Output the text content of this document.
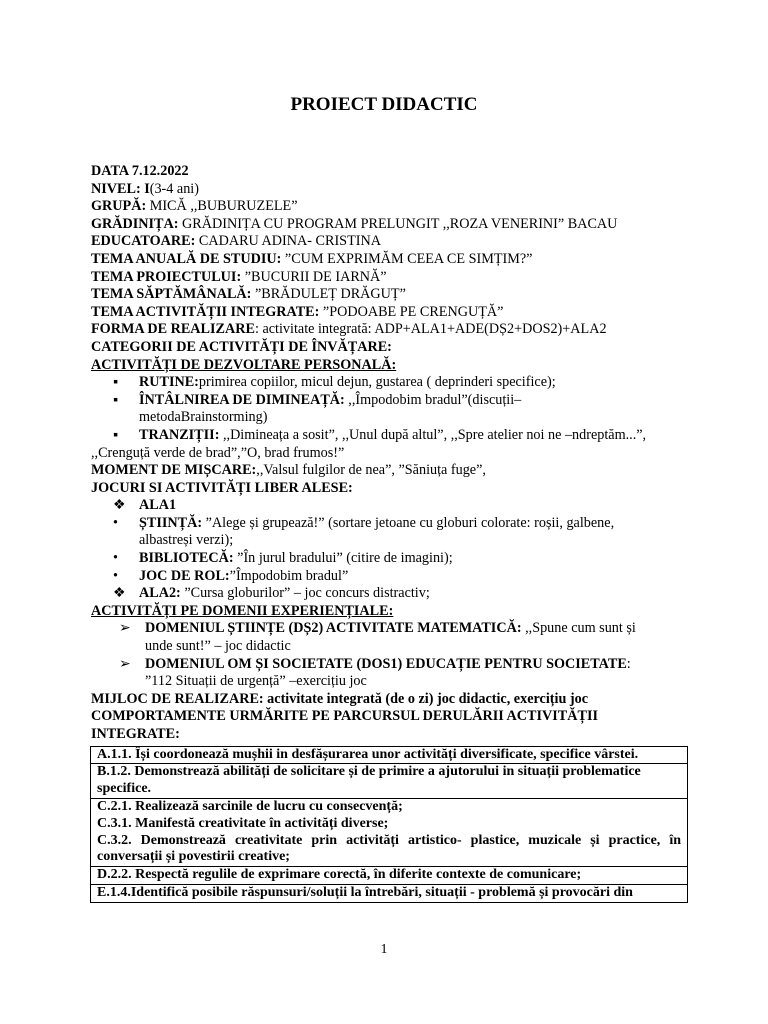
PROIECT DIDACTIC
DATA 7.12.2022
NIVEL: I(3-4 ani)
GRUPĂ: MICĂ ,,BUBURUZELE”
GRĂDINIȚA: GRĂDINIȚA CU PROGRAM PRELUNGIT ,,ROZA VENERINI” BACAU
EDUCATOARE: CADARU ADINA- CRISTINA
TEMA ANUALĂ DE STUDIU: ”CUM EXPRIMĂM CEEA CE SIMȚIM?”
TEMA PROIECTULUI: ”BUCURII DE IARNĂ”
TEMA SĂPTĂMÂNALĂ: ”BRĂDULEȚ DRĂGUȚ”
TEMA ACTIVITĂȚII INTEGRATE: ”PODOABE PE CRENGUȚĂ”
FORMA DE REALIZARE: activitate integrată: ADP+ALA1+ADE(DȘ2+DOS2)+ALA2
CATEGORII DE ACTIVITĂȚI DE ÎNVĂȚARE:
ACTIVITĂȚI DE DEZVOLTARE PERSONALĂ:
▪	RUTINE:primirea copiilor, micul dejun, gustarea ( deprinderi specifice);
▪	ÎNTÂLNIREA DE DIMINEAȚĂ: ,,Împodobim bradul”(discuții–
metodaBrainstorming)
▪	TRANZIȚII: ,,Dimineața a sosit”, ,,Unul după altul”, ,,Spre atelier noi ne –ndreptăm...”,
,,Crenguță verde de brad”,”O, brad frumos!”
MOMENT DE MIȘCARE:,,Valsul fulgilor de nea”, ”Săniuța fuge”,
JOCURI SI ACTIVITĂȚI LIBER ALESE:
❖ ALA1
•	ȘTIINȚĂ: ”Alege și grupează!” (sortare jetoane cu globuri colorate: roșii, galbene,
albastreși verzi);
•	BIBLIOTECĂ: ”În jurul bradului” (citire de imagini);
•	JOC DE ROL:”Împodobim bradul”
❖ ALA2: ”Cursa globurilor” – joc concurs distractiv;
ACTIVITĂȚI PE DOMENII EXPERIENȚIALE:
➢ DOMENIUL ȘTIINȚE (DȘ2) ACTIVITATE MATEMATICĂ: ,,Spune cum sunt și
unde sunt!” – joc didactic
➢ DOMENIUL OM ȘI SOCIETATE (DOS1) EDUCAȚIE PENTRU SOCIETATE:
”112 Situații de urgență” –exercițiu joc
MIJLOC DE REALIZARE: activitate integrată (de o zi) joc didactic, exercițiu joc
COMPORTAMENTE URMĂRITE PE PARCURSUL DERULĂRII ACTIVITĂȚII
INTEGRATE:
A.1.1. Își coordonează mușhii in desfășurarea unor activități diversificate, specifice vârstei.
B.1.2. Demonstrează abilități de solicitare și de primire a ajutorului in situații problematice specifice.

C.2.1. Realizează sarcinile de lucru cu consecvență;
C.3.1. Manifestă creativitate în activități diverse;
C.3.2. Demonstrează creativitate prin activități artistico- plastice, muzicale și practice, în conversații și povestirii creative;

D.2.2. Respectă regulile de exprimare corectă, în diferite contexte de comunicare;
E.1.4.Identifică posibile răspunsuri/soluții la întrebări, situații - problemă și provocări din
1
